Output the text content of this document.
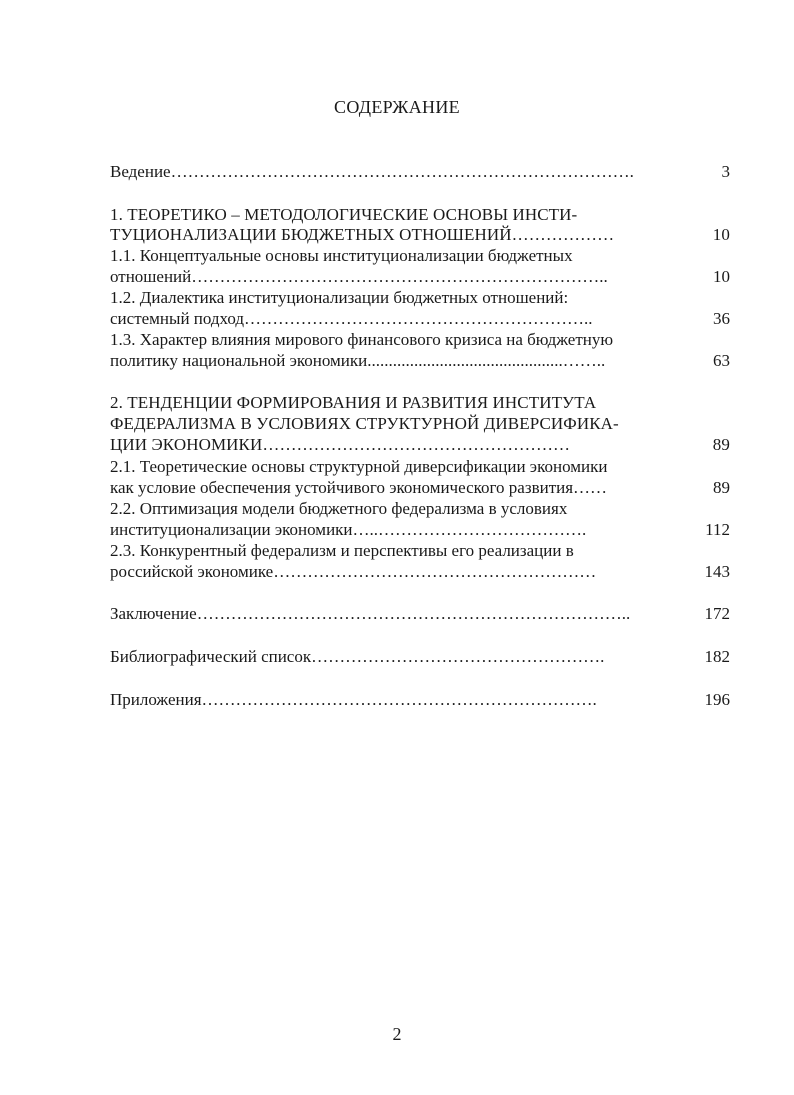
СОДЕРЖАНИЕ
Ведение……………………………………………………………………….	3
1. ТЕОРЕТИКО – МЕТОДОЛОГИЧЕСКИЕ ОСНОВЫ ИНСТИ-
ТУЦИОНАЛИЗАЦИИ БЮДЖЕТНЫХ ОТНОШЕНИЙ………………	10
1.1. Концептуальные основы институционализации бюджетных
отношений………………………………………………………………..	10
1.2. Диалектика институционализации бюджетных отношений:
системный подход……………………………………………………..	36
1.3. Характер влияния мирового финансового кризиса на бюджетную
политику национальной экономики..............................................……..	63
2. ТЕНДЕНЦИИ ФОРМИРОВАНИЯ И РАЗВИТИЯ ИНСТИТУТА
ФЕДЕРАЛИЗМА В УСЛОВИЯХ СТРУКТУРНОЙ ДИВЕРСИФИКА-
ЦИИ ЭКОНОМИКИ………………………………………………	89
2.1. Теоретические основы структурной диверсификации экономики
как условие обеспечения устойчивого экономического развития……	89
2.2. Оптимизация модели бюджетного федерализма в условиях
институционализации экономики…..……………………………….	112
2.3. Конкурентный федерализм и перспективы его реализации в
российской экономике…………………………………………………	143
Заключение…………………………………………………………………..	172
Библиографический список…………………………………………….	182
Приложения…………………………………………………………….	196
2
